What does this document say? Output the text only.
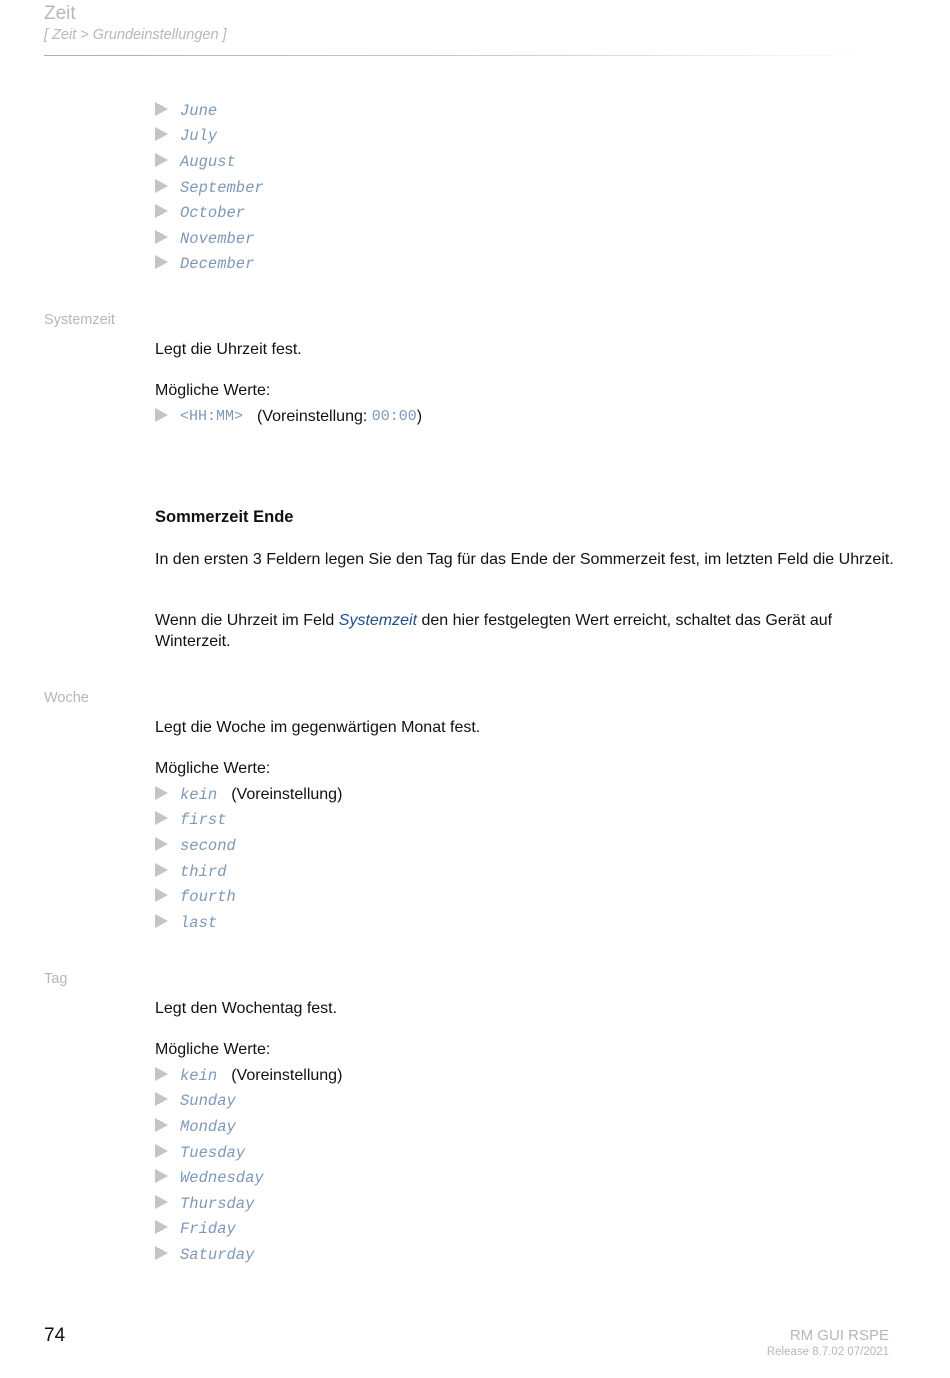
Zeit
[ Zeit > Grundeinstellungen ]
June
July
August
September
October
November
December
Systemzeit
Legt die Uhrzeit fest.
Mögliche Werte:
<HH:MM> (Voreinstellung: 00:00 )
Sommerzeit Ende
In den ersten 3 Feldern legen Sie den Tag für das Ende der Sommerzeit fest, im letzten Feld die Uhrzeit.
Wenn die Uhrzeit im Feld Systemzeit den hier festgelegten Wert erreicht, schaltet das Gerät auf Winterzeit.
Woche
Legt die Woche im gegenwärtigen Monat fest.
Mögliche Werte:
kein (Voreinstellung)
first
second
third
fourth
last
Tag
Legt den Wochentag fest.
Mögliche Werte:
kein (Voreinstellung)
Sunday
Monday
Tuesday
Wednesday
Thursday
Friday
Saturday
74	RM GUI RSPE
Release 8.7.02 07/2021
